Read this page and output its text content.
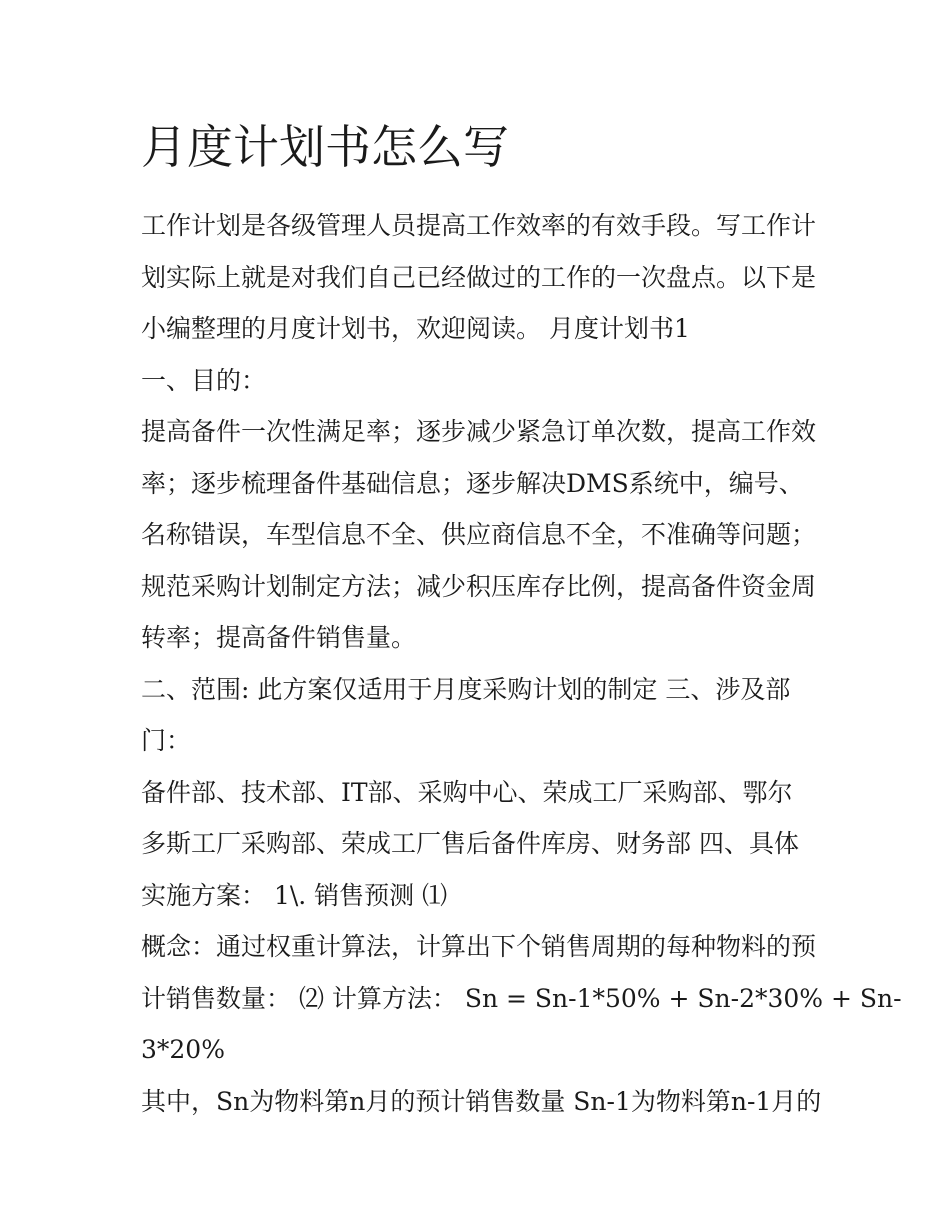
月度计划书怎么写

工作计划是各级管理人员提高工作效率的有效手段。写工作计

划实际上就是对我们自己已经做过的工作的一次盘点。以下是

小编整理的月度计划书，欢迎阅读。 月度计划书1

一、目的：

提高备件一次性满足率；逐步减少紧急订单次数，提高工作效

率；逐步梳理备件基础信息；逐步解决DMS系统中，编号、

名称错误，车型信息不全、供应商信息不全，不准确等问题；

规范采购计划制定方法；减少积压库存比例，提高备件资金周

转率；提高备件销售量。

二、范围: 此方案仅适用于月度采购计划的制定 三、涉及部

门：

备件部、技术部、IT部、采购中心、荣成工厂采购部、鄂尔

多斯工厂采购部、荣成工厂售后备件库房、财务部 四、具体

实施方案： 1\. 销售预测 ⑴

概念：通过权重计算法，计算出下个销售周期的每种物料的预

计销售数量： ⑵ 计算方法： Sn = Sn-1*50% + Sn-2*30% + Sn-

3*20%

其中，Sn为物料第n月的预计销售数量 Sn-1为物料第n-1月的
